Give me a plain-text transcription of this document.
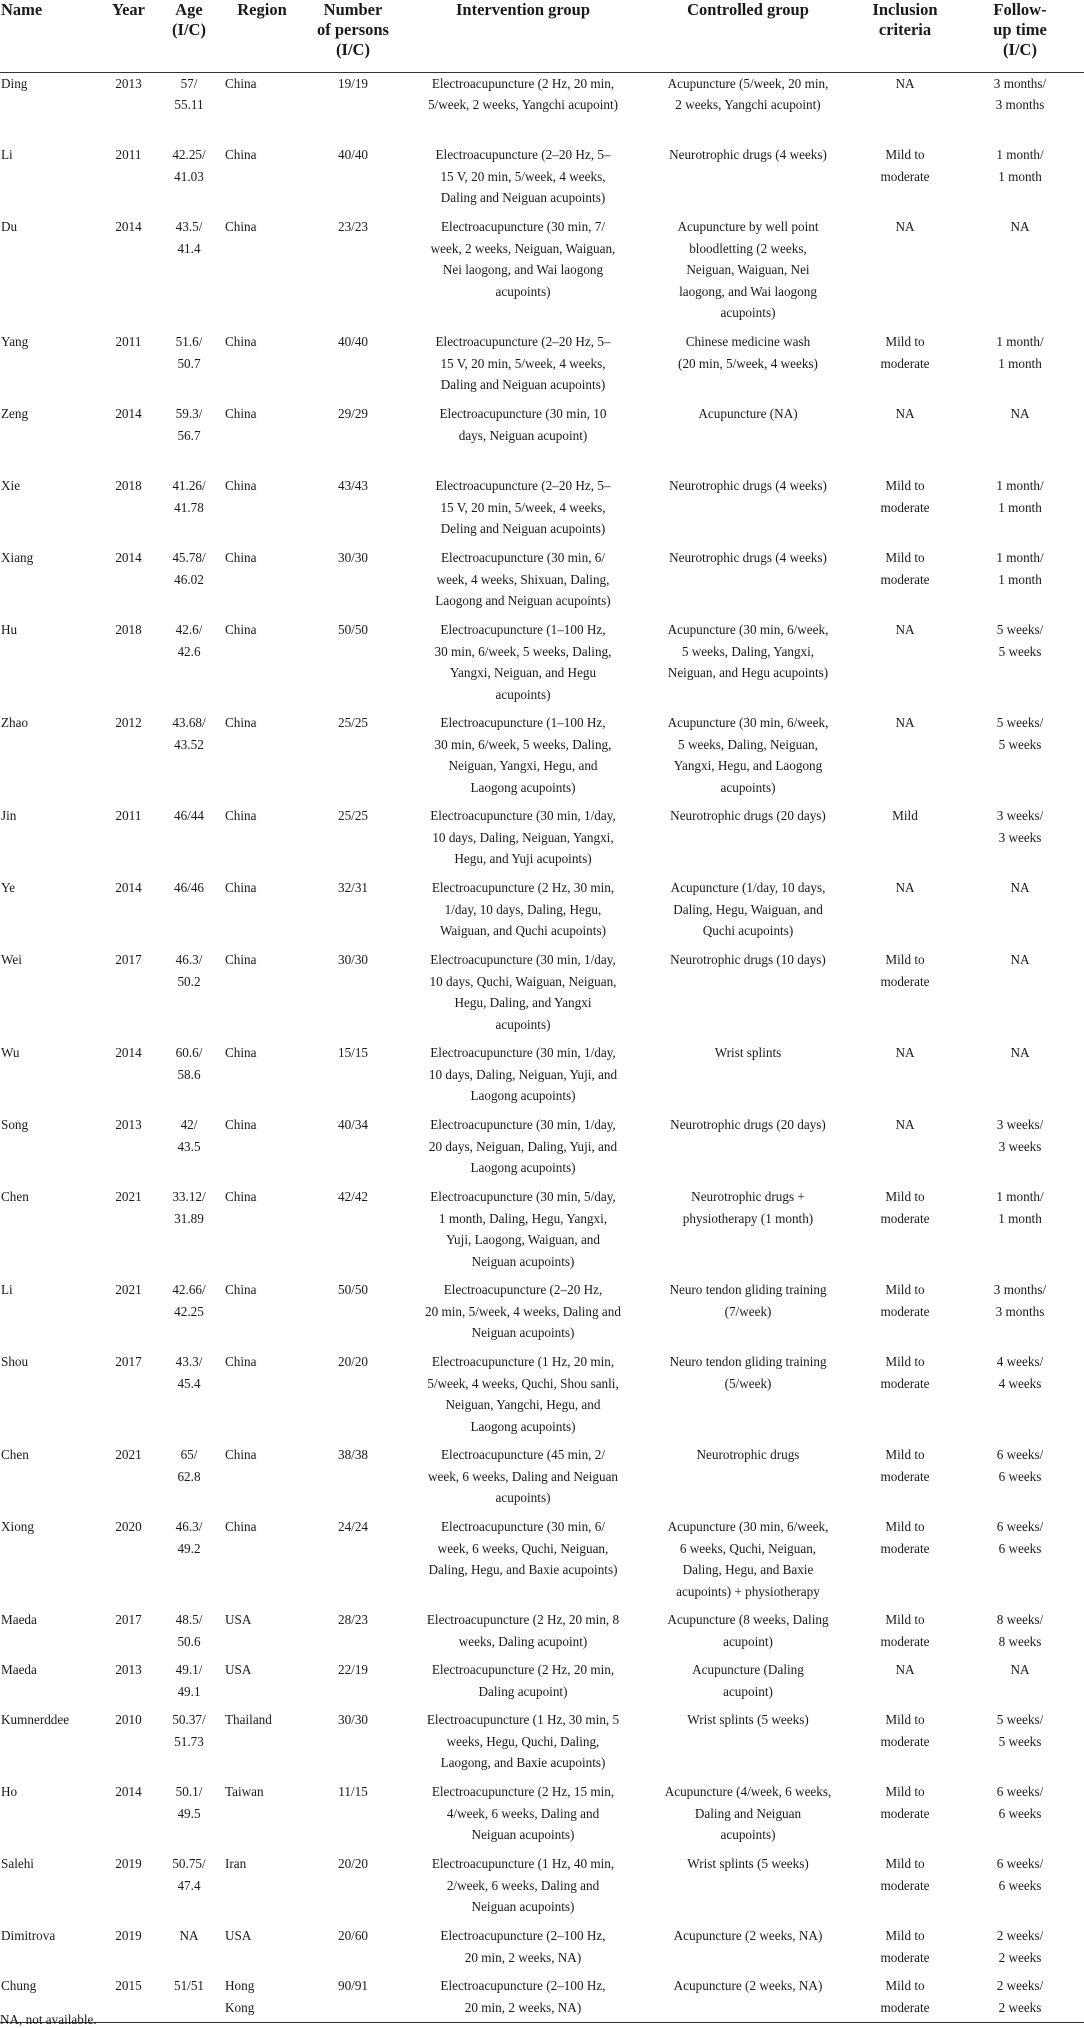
Name	Year	Age
(I/C)	Region	Number
of persons
(I/C)	Intervention group	Controlled group	Inclusion
criteria	Follow-
up time
(I/C)
Ding	2013	57/
55.11	China	19/19	Electroacupuncture (2 Hz, 20 min,
5/week, 2 weeks, Yangchi acupoint)	Acupuncture (5/week, 20 min,
2 weeks, Yangchi acupoint)	NA	3 months/
3 months
Li	2011	42.25/
41.03	China	40/40	Electroacupuncture (2–20 Hz, 5–
15 V, 20 min, 5/week, 4 weeks,
Daling and Neiguan acupoints)	Neurotrophic drugs (4 weeks)	Mild to
moderate	1 month/
1 month
Du	2014	43.5/
41.4	China	23/23	Electroacupuncture (30 min, 7/
week, 2 weeks, Neiguan, Waiguan,
Nei laogong, and Wai laogong
acupoints)	Acupuncture by well point
bloodletting (2 weeks,
Neiguan, Waiguan, Nei
laogong, and Wai laogong
acupoints)	NA	NA
Yang	2011	51.6/
50.7	China	40/40	Electroacupuncture (2–20 Hz, 5–
15 V, 20 min, 5/week, 4 weeks,
Daling and Neiguan acupoints)	Chinese medicine wash
(20 min, 5/week, 4 weeks)	Mild to
moderate	1 month/
1 month
Zeng	2014	59.3/
56.7	China	29/29	Electroacupuncture (30 min, 10
days, Neiguan acupoint)	Acupuncture (NA)	NA	NA
Xie	2018	41.26/
41.78	China	43/43	Electroacupuncture (2–20 Hz, 5–
15 V, 20 min, 5/week, 4 weeks,
Deling and Neiguan acupoints)	Neurotrophic drugs (4 weeks)	Mild to
moderate	1 month/
1 month
Xiang	2014	45.78/
46.02	China	30/30	Electroacupuncture (30 min, 6/
week, 4 weeks, Shixuan, Daling,
Laogong and Neiguan acupoints)	Neurotrophic drugs (4 weeks)	Mild to
moderate	1 month/
1 month
Hu	2018	42.6/
42.6	China	50/50	Electroacupuncture (1–100 Hz,
30 min, 6/week, 5 weeks, Daling,
Yangxi, Neiguan, and Hegu
acupoints)	Acupuncture (30 min, 6/week,
5 weeks, Daling, Yangxi,
Neiguan, and Hegu acupoints)	NA	5 weeks/
5 weeks
Zhao	2012	43.68/
43.52	China	25/25	Electroacupuncture (1–100 Hz,
30 min, 6/week, 5 weeks, Daling,
Neiguan, Yangxi, Hegu, and
Laogong acupoints)	Acupuncture (30 min, 6/week,
5 weeks, Daling, Neiguan,
Yangxi, Hegu, and Laogong
acupoints)	NA	5 weeks/
5 weeks
Jin	2011	46/44	China	25/25	Electroacupuncture (30 min, 1/day,
10 days, Daling, Neiguan, Yangxi,
Hegu, and Yuji acupoints)	Neurotrophic drugs (20 days)	Mild	3 weeks/
3 weeks
Ye	2014	46/46	China	32/31	Electroacupuncture (2 Hz, 30 min,
1/day, 10 days, Daling, Hegu,
Waiguan, and Quchi acupoints)	Acupuncture (1/day, 10 days,
Daling, Hegu, Waiguan, and
Quchi acupoints)	NA	NA
Wei	2017	46.3/
50.2	China	30/30	Electroacupuncture (30 min, 1/day,
10 days, Quchi, Waiguan, Neiguan,
Hegu, Daling, and Yangxi
acupoints)	Neurotrophic drugs (10 days)	Mild to
moderate	NA
Wu	2014	60.6/
58.6	China	15/15	Electroacupuncture (30 min, 1/day,
10 days, Daling, Neiguan, Yuji, and
Laogong acupoints)	Wrist splints	NA	NA
Song	2013	42/
43.5	China	40/34	Electroacupuncture (30 min, 1/day,
20 days, Neiguan, Daling, Yuji, and
Laogong acupoints)	Neurotrophic drugs (20 days)	NA	3 weeks/
3 weeks
Chen	2021	33.12/
31.89	China	42/42	Electroacupuncture (30 min, 5/day,
1 month, Daling, Hegu, Yangxi,
Yuji, Laogong, Waiguan, and
Neiguan acupoints)	Neurotrophic drugs +
physiotherapy (1 month)	Mild to
moderate	1 month/
1 month
Li	2021	42.66/
42.25	China	50/50	Electroacupuncture (2–20 Hz,
20 min, 5/week, 4 weeks, Daling and
Neiguan acupoints)	Neuro tendon gliding training
(7/week)	Mild to
moderate	3 months/
3 months
Shou	2017	43.3/
45.4	China	20/20	Electroacupuncture (1 Hz, 20 min,
5/week, 4 weeks, Quchi, Shou sanli,
Neiguan, Yangchi, Hegu, and
Laogong acupoints)	Neuro tendon gliding training
(5/week)	Mild to
moderate	4 weeks/
4 weeks
Chen	2021	65/
62.8	China	38/38	Electroacupuncture (45 min, 2/
week, 6 weeks, Daling and Neiguan
acupoints)	Neurotrophic drugs	Mild to
moderate	6 weeks/
6 weeks
Xiong	2020	46.3/
49.2	China	24/24	Electroacupuncture (30 min, 6/
week, 6 weeks, Quchi, Neiguan,
Daling, Hegu, and Baxie acupoints)	Acupuncture (30 min, 6/week,
6 weeks, Quchi, Neiguan,
Daling, Hegu, and Baxie
acupoints) + physiotherapy	Mild to
moderate	6 weeks/
6 weeks
Maeda	2017	48.5/
50.6	USA	28/23	Electroacupuncture (2 Hz, 20 min, 8
weeks, Daling acupoint)	Acupuncture (8 weeks, Daling
acupoint)	Mild to
moderate	8 weeks/
8 weeks
Maeda	2013	49.1/
49.1	USA	22/19	Electroacupuncture (2 Hz, 20 min,
Daling acupoint)	Acupuncture (Daling
acupoint)	NA	NA
Kumnerddee	2010	50.37/
51.73	Thailand	30/30	Electroacupuncture (1 Hz, 30 min, 5
weeks, Hegu, Quchi, Daling,
Laogong, and Baxie acupoints)	Wrist splints (5 weeks)	Mild to
moderate	5 weeks/
5 weeks
Ho	2014	50.1/
49.5	Taiwan	11/15	Electroacupuncture (2 Hz, 15 min,
4/week, 6 weeks, Daling and
Neiguan acupoints)	Acupuncture (4/week, 6 weeks,
Daling and Neiguan
acupoints)	Mild to
moderate	6 weeks/
6 weeks
Salehi	2019	50.75/
47.4	Iran	20/20	Electroacupuncture (1 Hz, 40 min,
2/week, 6 weeks, Daling and
Neiguan acupoints)	Wrist splints (5 weeks)	Mild to
moderate	6 weeks/
6 weeks
Dimitrova	2019	NA	USA	20/60	Electroacupuncture (2–100 Hz,
20 min, 2 weeks, NA)	Acupuncture (2 weeks, NA)	Mild to
moderate	2 weeks/
2 weeks
Chung	2015	51/51	Hong
Kong	90/91	Electroacupuncture (2–100 Hz,
20 min, 2 weeks, NA)	Acupuncture (2 weeks, NA)	Mild to
moderate	2 weeks/
2 weeks
NA, not available.
